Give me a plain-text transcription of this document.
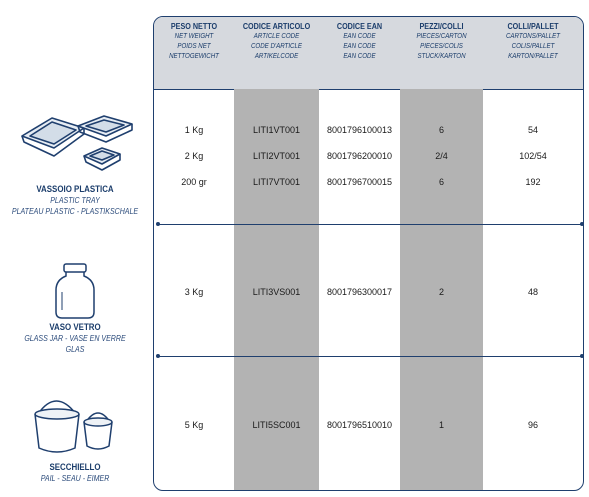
VASSOIO PLASTICA
PLASTIC TRAY
PLATEAU PLASTIC - PLASTIKSCHALE
VASO VETRO
GLASS JAR - VASE EN VERRE
GLAS
SECCHIELLO
PAIL - SEAU - EIMER
PESO NETTO
NET WEIGHT
POIDS NET
NETTOGEWICHT
CODICE ARTICOLO
ARTICLE CODE
CODE D'ARTICLE
ARTIKELCODE
CODICE EAN
EAN CODE
EAN CODE
EAN CODE
PEZZI/COLLI
PIECES/CARTON
PIECES/COLIS
STÜCK/KARTON
COLLI/PALLET
CARTONS/PALLET
COLIS/PALLET
KARTON/PALLET
1 Kg	LITI1VT001	8001796100013	6	54
2 Kg	LITI2VT001	8001796200010	2/4	102/54
200 gr	LITI7VT001	8001796700015	6	192
3 Kg	LITI3VS001	8001796300017	2	48
5 Kg	LITI5SC001	8001796510010	1	96
